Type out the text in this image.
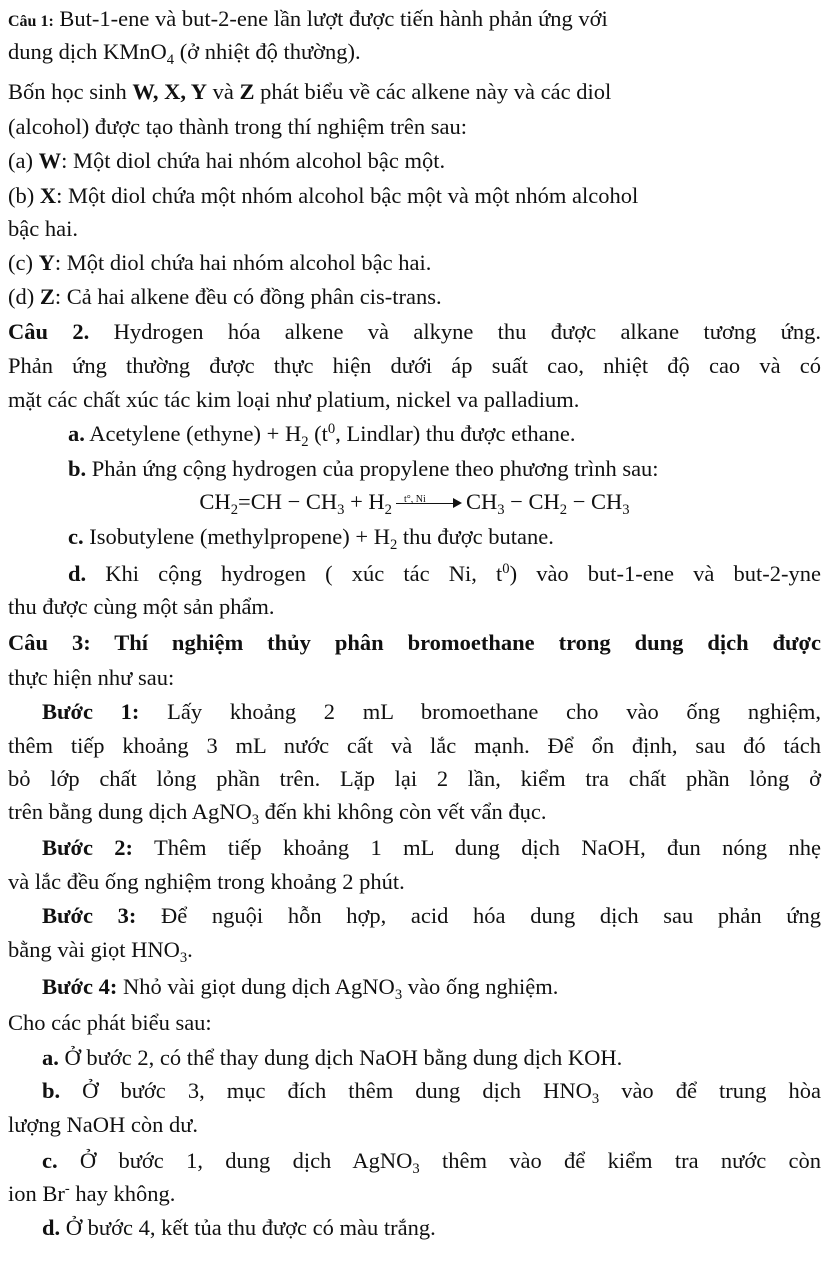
Câu 1: But-1-ene và but-2-ene lần lượt được tiến hành phản ứng với
dung dịch KMnO$_4$ (ở nhiệt độ thường).
Bốn học sinh W, X, Y và Z phát biểu về các alkene này và các diol
(alcohol) được tạo thành trong thí nghiệm trên sau:
(a) W: Một diol chứa hai nhóm alcohol bậc một.
(b) X: Một diol chứa một nhóm alcohol bậc một và một nhóm alcohol
bậc hai.
(c) Y: Một diol chứa hai nhóm alcohol bậc hai.
(d) Z: Cả hai alkene đều có đồng phân cis-trans.
Câu 2. Hydrogen hóa alkene và alkyne thu được alkane tương ứng.
Phản ứng thường được thực hiện dưới áp suất cao, nhiệt độ cao và có
mặt các chất xúc tác kim loại như platium, nickel va palladium.
a. Acetylene (ethyne) + $H_2$ ($t^0$, Lindlar) thu được ethane.
b. Phản ứng cộng hydrogen của propylene theo phương trình sau:
$CH_2=CH - CH_3 + H_2$
t°, Ni $CH_3 - CH_2 - CH_3$
c. Isobutylene (methylpropene) + $H_2$ thu được butane.
d. Khi cộng hydrogen ( xúc tác Ni, $t^0$) vào but-1-ene và but-2-yne
thu được cùng một sản phẩm.
Câu 3: Thí nghiệm thủy phân bromoethane trong dung dịch được
thực hiện như sau:
Bước 1: Lấy khoảng 2 mL bromoethane cho vào ống nghiệm,
thêm tiếp khoảng 3 mL nước cất và lắc mạnh. Để ổn định, sau đó tách
bỏ lớp chất lỏng phần trên. Lặp lại 2 lần, kiểm tra chất phần lỏng ở
trên bằng dung dịch AgNO$_3$ đến khi không còn vết vẩn đục.
Bước 2: Thêm tiếp khoảng 1 mL dung dịch NaOH, đun nóng nhẹ
và lắc đều ống nghiệm trong khoảng 2 phút.
Bước 3: Để nguội hỗn hợp, acid hóa dung dịch sau phản ứng
bằng vài giọt $HNO_3$.
Bước 4: Nhỏ vài giọt dung dịch AgNO$_3$ vào ống nghiệm.
Cho các phát biểu sau:
a. Ở bước 2, có thể thay dung dịch NaOH bằng dung dịch KOH.
b. Ở bước 3, mục đích thêm dung dịch $HNO_3$ vào để trung hòa
lượng NaOH còn dư.
c. Ở bước 1, dung dịch AgNO$_3$ thêm vào để kiểm tra nước còn
ion Br- hay không.
d. Ở bước 4, kết tủa thu được có màu trắng.
